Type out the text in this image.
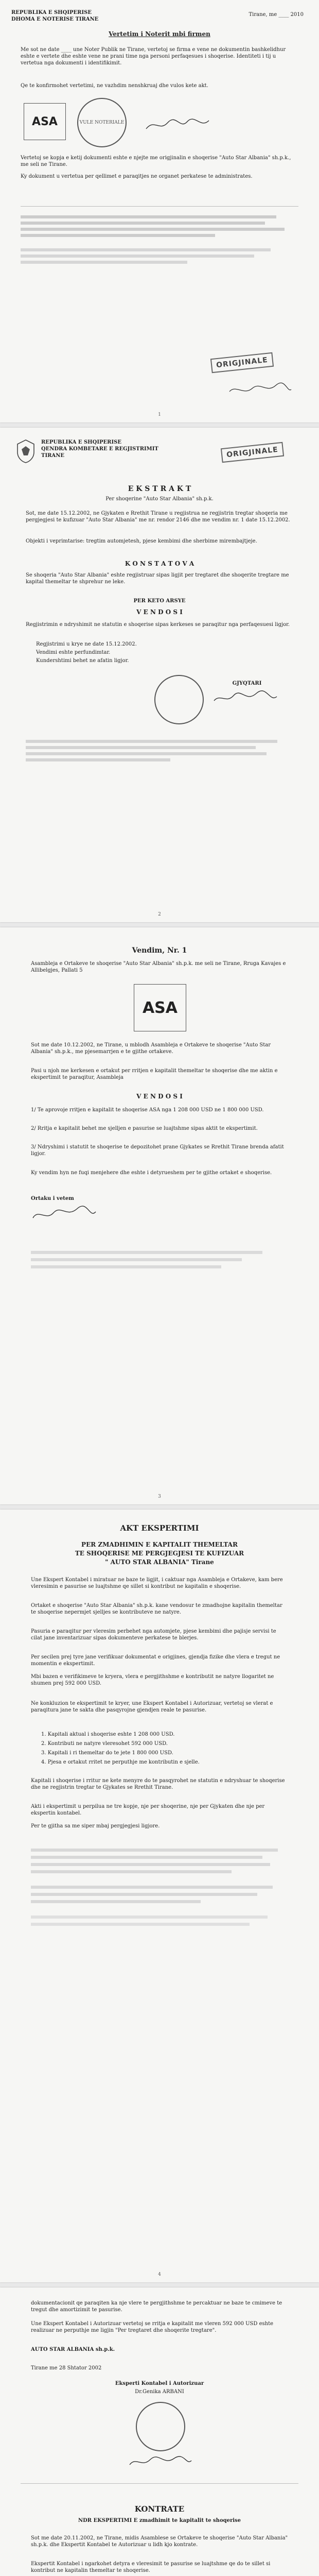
REPUBLIKA E SHQIPERISE
DHOMA E NOTERISE TIRANE
Tirane, me ____ 2010
Vertetim i Noterit mbi firmen
Me sot ne date ____ une Noter Publik ne Tirane, vertetoj se firma e vene ne dokumentin bashkelidhur eshte e vertete dhe eshte vene ne prani time nga personi perfaqesues i shoqerise. Identiteti i tij u vertetua nga dokumenti i identifikimit.
Qe te konfirmohet vertetimi, ne vazhdim nenshkruaj dhe vulos kete akt.
ASA	VULE NOTERIALE
Vertetoj se kopja e ketij dokumenti eshte e njejte me origjinalin e shoqerise "Auto Star Albania" sh.p.k., me seli ne Tirane.
Ky dokument u vertetua per qellimet e paraqitjes ne organet perkatese te administrates.
ORIGJINALE
1
REPUBLIKA E SHQIPERISE
QENDRA KOMBETARE E REGJISTRIMIT
TIRANE	ORIGJINALE
E K S T R A K T
Per shoqerine "Auto Star Albania" sh.p.k.
Sot, me date 15.12.2002, ne Gjykaten e Rrethit Tirane u regjistrua ne regjistrin tregtar shoqeria me pergjegjesi te kufizuar "Auto Star Albania" me nr. rendor 2146 dhe me vendim nr. 1 date 15.12.2002.
Objekti i veprimtarise: tregtim automjetesh, pjese kembimi dhe sherbime mirembajtjeje.
K O N S T A T O V A
Se shoqeria "Auto Star Albania" eshte regjistruar sipas ligjit per tregtaret dhe shoqerite tregtare me kapital themeltar te shprehur ne leke.
PER KETO ARSYE
V E N D O S I
Regjistrimin e ndryshimit ne statutin e shoqerise sipas kerkeses se paraqitur nga perfaqesuesi ligjor.
Regjistrimi u krye ne date 15.12.2002.
Vendimi eshte perfundimtar.
Kundershtimi behet ne afatin ligjor.
GJYQTARI
2
Vendim, Nr. 1
Asambleja e Ortakeve te shoqerise "Auto Star Albania" sh.p.k. me seli ne Tirane, Rruga Kavajes e Allibelgjes, Pallati 5
ASA
Sot me date 10.12.2002, ne Tirane, u mblodh Asambleja e Ortakeve te shoqerise "Auto Star Albania" sh.p.k., me pjesemarrjen e te gjithe ortakeve.
Pasi u njoh me kerkesen e ortakut per rritjen e kapitalit themeltar te shoqerise dhe me aktin e ekspertimit te paraqitur, Asambleja
V E N D O S I
1/ Te aprovoje rritjen e kapitalit te shoqerise ASA nga 1 208 000 USD ne 1 800 000 USD.
2/ Rritja e kapitalit behet me sjelljen e pasurise se luajtshme sipas aktit te ekspertimit.
3/ Ndryshimi i statutit te shoqerise te depozitohet prane Gjykates se Rrethit Tirane brenda afatit ligjor.
Ky vendim hyn ne fuqi menjehere dhe eshte i detyrueshem per te gjithe ortaket e shoqerise.
Ortaku i vetem
3
AKT EKSPERTIMI
PER ZMADHIMIN E KAPITALIT THEMELTAR
TE SHOQERISE ME PERGJEGJESI TE KUFIZUAR
" AUTO STAR ALBANIA" Tirane
Une Ekspert Kontabel i miratuar ne baze te ligjit, i caktuar nga Asambleja e Ortakeve, kam bere vleresimin e pasurise se luajtshme qe sillet si kontribut ne kapitalin e shoqerise.
Ortaket e shoqerise "Auto Star Albania" sh.p.k. kane vendosur te zmadhojne kapitalin themeltar te shoqerise nepermjet sjelljes se kontributeve ne natyre.
Pasuria e paraqitur per vleresim perbehet nga automjete, pjese kembimi dhe pajisje servisi te cilat jane inventarizuar sipas dokumenteve perkatese te blerjes.
Per secilen prej tyre jane verifikuar dokumentat e origjines, gjendja fizike dhe vlera e tregut ne momentin e ekspertimit.
Mbi bazen e verifikimeve te kryera, vlera e pergjithshme e kontributit ne natyre llogaritet ne shumen prej 592 000 USD.
Ne konkluzion te ekspertimit te kryer, une Ekspert Kontabel i Autorizuar, vertetoj se vlerat e paraqitura jane te sakta dhe pasqyrojne gjendjen reale te pasurise.
1. Kapitali aktual i shoqerise eshte 1 208 000 USD.
2. Kontributi ne natyre vleresohet 592 000 USD.
3. Kapitali i ri themeltar do te jete 1 800 000 USD.
4. Pjesa e ortakut rritet ne perputhje me kontributin e sjelle.
Kapitali i shoqerise i rritur ne kete menyre do te pasqyrohet ne statutin e ndryshuar te shoqerise dhe ne regjistrin tregtar te Gjykates se Rrethit Tirane.
Akti i ekspertimit u perpilua ne tre kopje, nje per shoqerine, nje per Gjykaten dhe nje per ekspertin kontabel.
Per te gjitha sa me siper mbaj pergjegjesi ligjore.
4
dokumentacionit qe paraqiten ka nje vlere te pergjithshme te percaktuar ne baze te cmimeve te tregut dhe amortizimit te pasurise.
Une Ekspert Kontabel i Autorizuar vertetoj se rritja e kapitalit me vleren 592 000 USD eshte realizuar ne perputhje me ligjin "Per tregtaret dhe shoqerite tregtare".
AUTO STAR ALBANIA sh.p.k.
Tirane me 28 Shtator 2002
Eksperti Kontabel i Autorizuar
Dr.Genika ARBANI
KONTRATE
NDR EKSPERTIMI E zmadhimit te kapitalit te shoqerise
Sot me date 20.11.2002, ne Tirane, midis Asamblese se Ortakeve te shoqerise "Auto Star Albania" sh.p.k. dhe Ekspertit Kontabel te Autorizuar u lidh kjo kontrate.
Ekspertit Kontabel i ngarkohet detyra e vleresimit te pasurise se luajtshme qe do te sillet si kontribut ne kapitalin themeltar te shoqerise.
